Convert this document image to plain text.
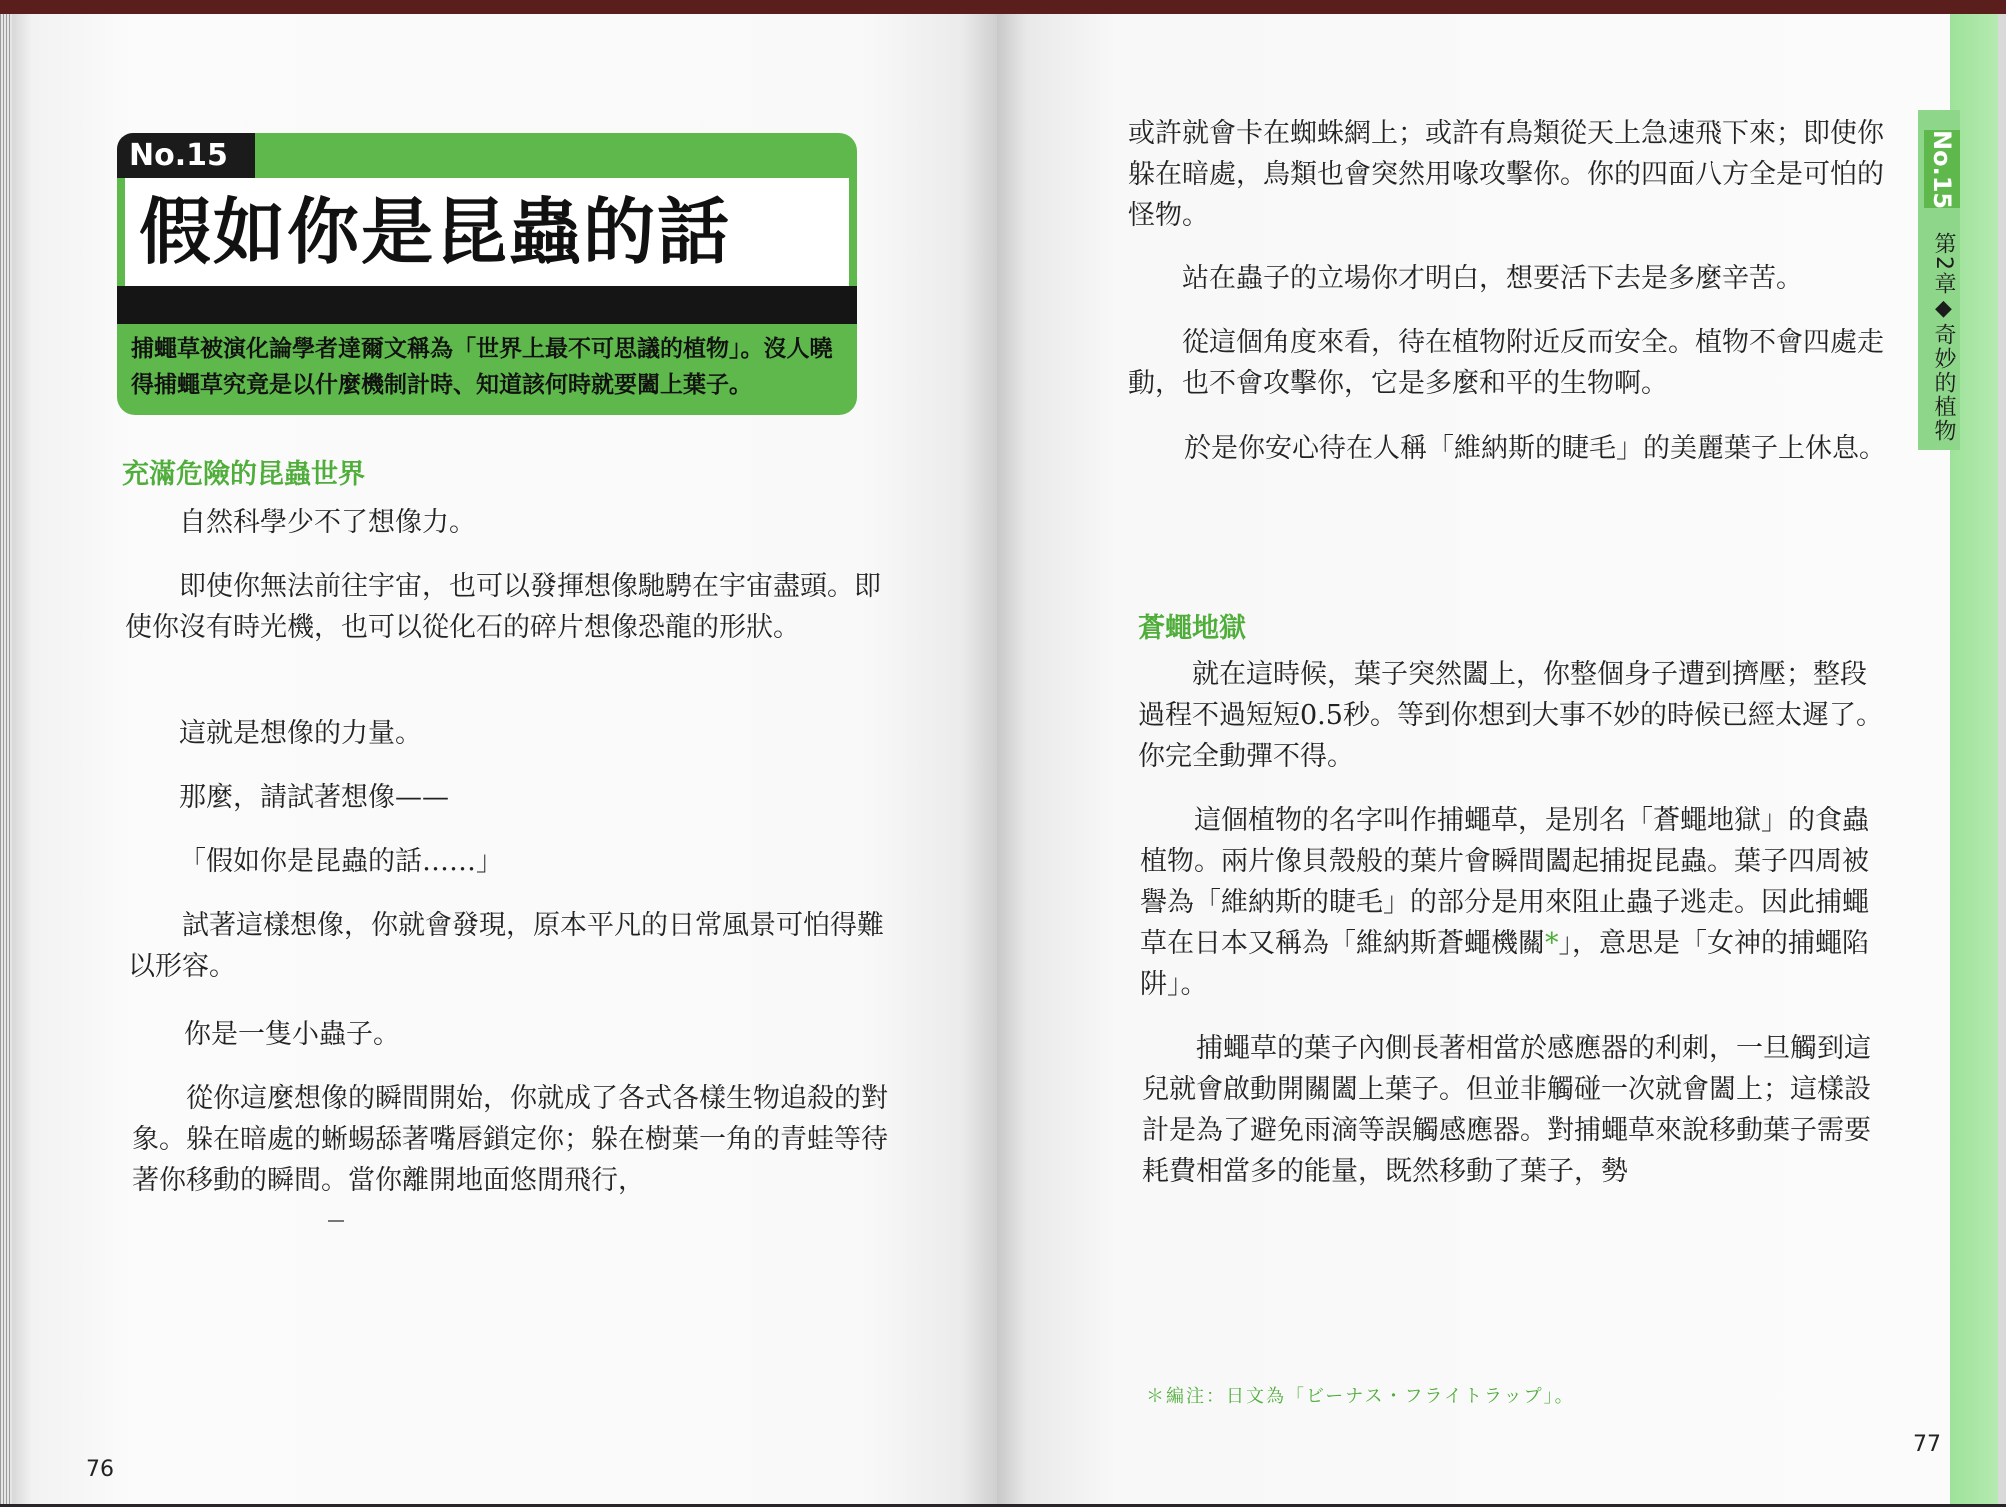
No.15
假如你是昆蟲的話
捕蠅草被演化論學者達爾文稱為「世界上最不可思議的植物」。沒人曉得捕蠅草究竟是以什麼機制計時、知道該何時就要闔上葉子。
充滿危險的昆蟲世界
自然科學少不了想像力。
即使你無法前往宇宙，也可以發揮想像馳騁在宇宙盡頭。即使你沒有時光機，也可以從化石的碎片想像恐龍的形狀。
這就是想像的力量。
那麼，請試著想像——
「假如你是昆蟲的話……」
試著這樣想像，你就會發現，原本平凡的日常風景可怕得難以形容。
你是一隻小蟲子。
從你這麼想像的瞬間開始，你就成了各式各樣生物追殺的對象。躲在暗處的蜥蜴舔著嘴唇鎖定你；躲在樹葉一角的青蛙等待著你移動的瞬間。當你離開地面悠閒飛行，
76
No.15
第2章◆奇妙的植物
或許就會卡在蜘蛛網上；或許有鳥類從天上急速飛下來；即使你躲在暗處，鳥類也會突然用喙攻擊你。你的四面八方全是可怕的怪物。
站在蟲子的立場你才明白，想要活下去是多麼辛苦。
從這個角度來看，待在植物附近反而安全。植物不會四處走動，也不會攻擊你，它是多麼和平的生物啊。
於是你安心待在人稱「維納斯的睫毛」的美麗葉子上休息。
蒼蠅地獄
就在這時候，葉子突然闔上，你整個身子遭到擠壓；整段過程不過短短0.5秒。等到你想到大事不妙的時候已經太遲了。你完全動彈不得。
這個植物的名字叫作捕蠅草，是別名「蒼蠅地獄」的食蟲植物。兩片像貝殼般的葉片會瞬間闔起捕捉昆蟲。葉子四周被譽為「維納斯的睫毛」的部分是用來阻止蟲子逃走。因此捕蠅草在日本又稱為「維納斯蒼蠅機關*」，意思是「女神的捕蠅陷阱」。
捕蠅草的葉子內側長著相當於感應器的利刺，一旦觸到這兒就會啟動開關闔上葉子。但並非觸碰一次就會闔上；這樣設計是為了避免雨滴等誤觸感應器。對捕蠅草來說移動葉子需要耗費相當多的能量，既然移動了葉子，勢
＊編注：日文為「ビーナス・フライトラップ」。
77
